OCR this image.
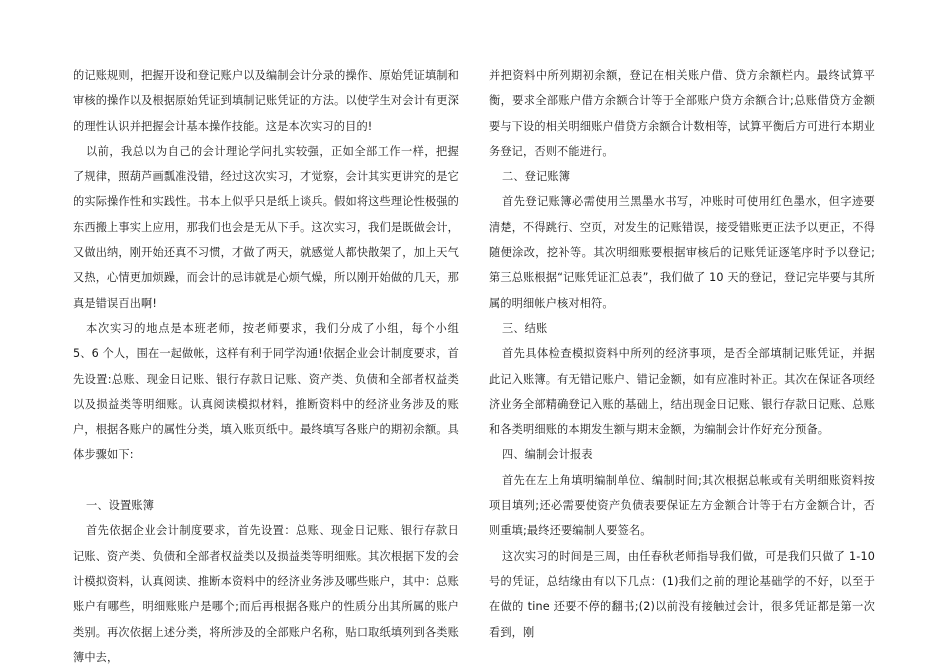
的记账规则，把握开设和登记账户以及编制会计分录的操作、原始凭证填制和审核的操作以及根据原始凭证到填制记账凭证的方法。以使学生对会计有更深的理性认识并把握会计基本操作技能。这是本次实习的目的!

以前，我总以为自己的会计理论学问扎实较强，正如全部工作一样，把握了规律，照葫芦画瓢准没错，经过这次实习，才觉察，会计其实更讲究的是它的实际操作性和实践性。书本上似乎只是纸上谈兵。假如将这些理论性极强的东西搬上事实上应用，那我们也会是无从下手。这次实习，我们是既做会计，又做出纳，刚开始还真不习惯，才做了两天，就感觉人都快散架了，加上天气又热，心情更加烦躁，而会计的忌讳就是心烦气燥，所以刚开始做的几天，那真是错误百出啊!

本次实习的地点是本班老师，按老师要求，我们分成了小组，每个小组 5、6 个人，围在一起做帐，这样有利于同学沟通!依据企业会计制度要求，首先设置:总账、现金日记账、银行存款日记账、资产类、负债和全部者权益类以及损益类等明细账。认真阅读模拟材料，推断资料中的经济业务涉及的账户，根据各账户的属性分类，填入账页纸中。最终填写各账户的期初余额。具体步骤如下:

一、设置账簿

首先依据企业会计制度要求，首先设置：总账、现金日记账、银行存款日记账、资产类、负债和全部者权益类以及损益类等明细账。其次根据下发的会计模拟资料，认真阅读、推断本资料中的经济业务涉及哪些账户，其中：总账账户有哪些，明细账账户是哪个;而后再根据各账户的性质分出其所属的账户类别。再次依据上述分类，将所涉及的全部账户名称，贴口取纸填列到各类账簿中去，

并把资料中所列期初余额，登记在相关账户借、贷方余额栏内。最终试算平衡，要求全部账户借方余额合计等于全部账户贷方余额合计;总账借贷方金额要与下设的相关明细账户借贷方余额合计数相等，试算平衡后方可进行本期业务登记，否则不能进行。

二、登记账簿

首先登记账簿必需使用兰黑墨水书写，冲账时可使用红色墨水，但字迹要清楚，不得跳行、空页，对发生的记账错误，接受错账更正法予以更正，不得随便涂改，挖补等。其次明细账要根据审核后的记账凭证逐笔序时予以登记;第三总账根据“记账凭证汇总表”，我们做了 10 天的登记，登记完毕要与其所属的明细帐户核对相符。

三、结账

首先具体检查模拟资料中所列的经济事项，是否全部填制记账凭证，并据此记入账簿。有无错记账户、错记金额，如有应准时补正。其次在保证各项经济业务全部精确登记入账的基础上，结出现金日记账、银行存款日记账、总账和各类明细账的本期发生额与期末金额，为编制会计作好充分预备。

四、编制会计报表

首先在左上角填明编制单位、编制时间;其次根据总帐或有关明细账资料按项目填列;还必需要使资产负债表要保证左方金额合计等于右方金额合计，否则重填;最终还要编制人要签名。

这次实习的时间是三周，由任春秋老师指导我们做，可是我们只做了 1-10 号的凭证，总结缘由有以下几点：(1)我们之前的理论基础学的不好，以至于在做的 tine 还要不停的翻书;(2)以前没有接触过会计，很多凭证都是第一次看到，刚
